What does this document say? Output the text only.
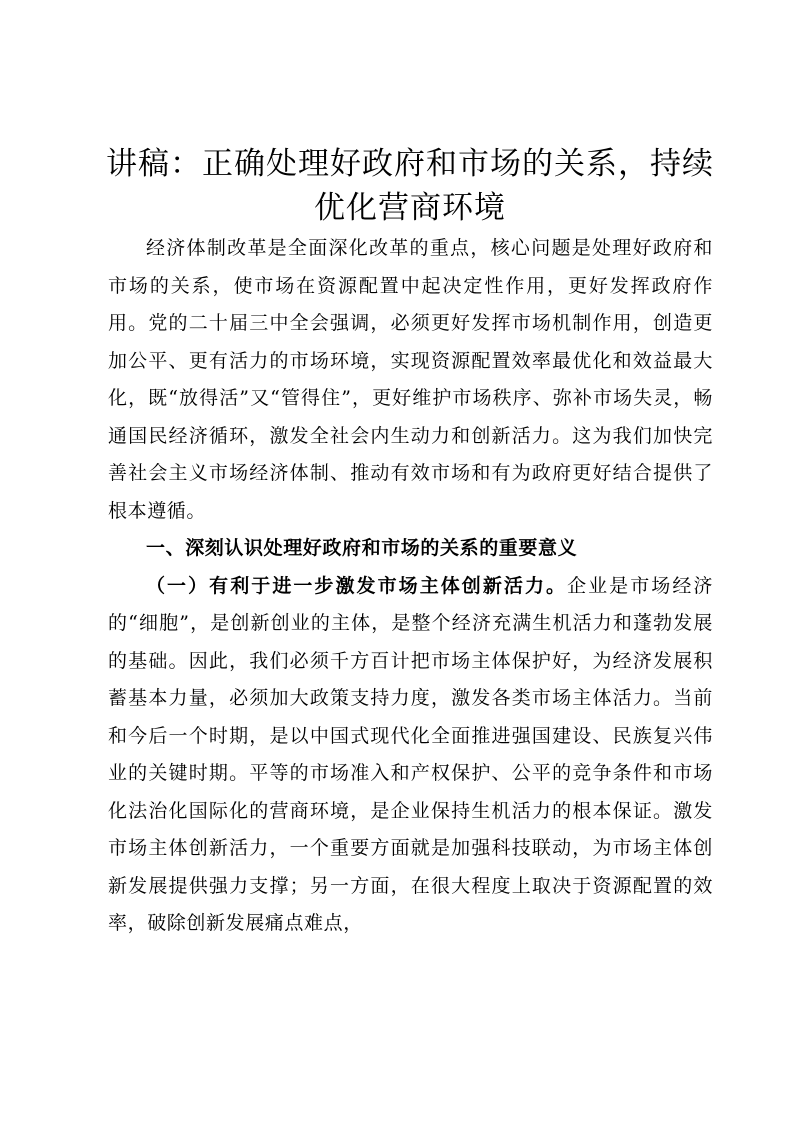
讲稿：正确处理好政府和市场的关系，持续优化营商环境

经济体制改革是全面深化改革的重点，核心问题是处理好政府和市场的关系，使市场在资源配置中起决定性作用，更好发挥政府作用。党的二十届三中全会强调，必须更好发挥市场机制作用，创造更加公平、更有活力的市场环境，实现资源配置效率最优化和效益最大化，既“放得活”又“管得住”，更好维护市场秩序、弥补市场失灵，畅通国民经济循环，激发全社会内生动力和创新活力。这为我们加快完善社会主义市场经济体制、推动有效市场和有为政府更好结合提供了根本遵循。

一、深刻认识处理好政府和市场的关系的重要意义

（一）有利于进一步激发市场主体创新活力。企业是市场经济的“细胞”，是创新创业的主体，是整个经济充满生机活力和蓬勃发展的基础。因此，我们必须千方百计把市场主体保护好，为经济发展积蓄基本力量，必须加大政策支持力度，激发各类市场主体活力。当前和今后一个时期，是以中国式现代化全面推进强国建设、民族复兴伟业的关键时期。平等的市场准入和产权保护、公平的竞争条件和市场化法治化国际化的营商环境，是企业保持生机活力的根本保证。激发市场主体创新活力，一个重要方面就是加强科技联动，为市场主体创新发展提供强力支撑；另一方面，在很大程度上取决于资源配置的效率，破除创新发展痛点难点，
